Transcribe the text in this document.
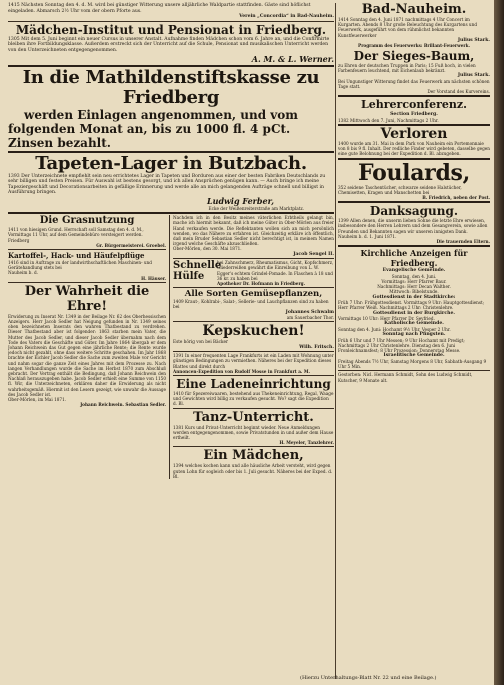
1415 Nächsten Sonntag den 4. d. M. wird bei günstiger Witterung unsere alljährliche Waldpartie stattfinden. Gäste sind höflichst eingeladen. Abmarsch 2½ Uhr vom der obern Pforte aus.

Verein „Concordia“ in Bad-Nauheim.

Mädchen-Institut und Pensionat in Friedberg.

1305 Mit dem 5. Juni beginnt ein neuer Cursus in unserer Anstalt. Aufnahme finden Mädchen schon vom 6. Jahre an, und die Confirmirte bleiben ihre Fortbildungsklasse. Außerdem erstreckt sich der Unterricht auf die Schule, Pensionat und musikalischen Unterricht werden von den Unterzeichneten entgegengenommen.

A. M. & L. Werner.

In die Mathildenstiftskasse zu Friedberg
werden Einlagen angenommen, und vom
folgenden Monat an, bis zu 1000 fl. 4 pCt.
Zinsen bezahlt.
Tapeten-Lager in Butzbach.

1393 Der Unterzeichnete empfiehlt sein neu errichtetes Lager in Tapeten und Borduren aus einer der besten Fabriken Deutschlands zu sehr billigen und festen Preisen. Für Auswahl ist bestens gesorgt, und ich allen Ansprüchen genügen kann. — Auch bringe ich meine Tapeziergeschäft und Decorationsarbeiten in gefällige Erinnerung und werde alle an mich gelangenden Aufträge schnell und billigst in Ausführung bringen.

Ludwig Ferber,

Ecke der Weißenreiterstraße am Marktplatz.

Die Grasnutzung

1411 von hiesigen Grund. Herrschaft soll Samstag den 4. d. M., Vormittags 11 Uhr, auf dem Gemeindebüro versteigert werden.

Friedberg

Gr. Bürgermeisterei. Groebel.

Kartoffel-, Hack- und Häufelpflüge

1416 sind in Auftrage zu der landwirthschaftlichen Maschinen- und Gerätehandlung stets bei

Nauheim b. d.

H. Häuser.

Der Wahrheit die Ehre!

Erwiderung zu Inserat Nr. 1349 in der Beilage Nr. 62 des Oberhessischen Anzeigers. Herr Jacob Sedler hat Neigung gefunden in Nr. 1349 seines oben bezeichneten Inserats den wahren Thatbestand zu verdrehen. Dieser Thatbestand aber ist folgender: 1863 starben mein Vater, die Mutter des Jacob Sedler, und dieser Jacob Sedler übernahm nach dem Tode des Vaters die Geschäfte und Güter. Im Jahre 1864 übergab er dem Johann Reichwein das Gut gegen eine jährliche Rente; die Rente wurde jedoch nicht gezahlt, ohne dass weitere Schritte geschahen. Im Jahr 1868 brachte der Eichler Jacob Sedler die Sache zum zweiten Male vor Gericht und nahm sogar die ganze Zeit eines Jahres mit dem Prozesse zu. Nach langen Verhandlungen wurde die Sache im Herbst 1870 zum Abschluß gebracht. Der Vertrag enthält die Bedingung, daß Johann Reichwein den Nachlaß herauszugeben habe. Jacob Sedler erhielt eine Summe von 1150 fl. Wir, die Unterzeichneten, erklären daher die Erwiderung als nicht wahrheitsgemäß. Hiermit ist den Lesern gezeigt, wie unwahr die Aussage des Jacob Sedler ist.

Ober-Mörlen, im Mai 1871.

Johann Reichwein. Sebastian Sedler.

Nachdem ich in den Besitz meines väterlichen Erbtheils gelangt bin, mache ich hiermit bekannt, daß ich meine Güter in Ober-Mörlen aus freier Hand verkaufen werde. Die Reflektanten wollen sich an mich persönlich wenden, wo das Nähere zu erfahren ist. Gleichzeitig erkläre ich öffentlich, daß mein Bruder Sebastian Sedler nicht berechtigt ist, in meinem Namen irgend welche Geschäfte abzuschließen.

Ober-Mörlen, den 30. Mai 1871.

Jacob Sengel II.

Schnelle Hülfe

bei Zahnschmerz, Rheumatismus, Gicht, Kopfschmerz, Gliederreißen gewährt die Einreibung von L. W. Egger's echtem Grindel-Pomade. In Flaschen à 18 und 36 kr. zu haben bei

Apotheker Dr. Hofmann in Friedberg.

Alle Sorten Gemüsepflanzen,

1409 Kraut-, Kohlrabi-, Salat-, Sellerie- und Lauchpflanzen sind zu haben bei

Johannes Schwalm

am Sauerbacher Thor.

Kepskuchen!

Este hörig von bei Bäcker

Wilh. Fritsch.

1391 In einer frequenten Lage Frankfurts ist ein Laden mit Wohnung unter günstigen Bedingungen zu vermiethen. Näheres bei der Expedition dieses Blattes und direkt durch

Annoncen-Expedition von Rudolf Mosse in Frankfurt a. M.

Eine Ladeneinrichtung

1410 für Spezereiwaaren, bestehend aus Thekeneinrichtung, Regal, Waage und Gewichten wird billig zu verkaufen gesucht. Wo? sagt die Expedition d. Bl.

Tanz-Unterricht.

1381 Kurs und Privat-Unterricht beginnt wieder. Neue Anmeldungen werden entgegengenommen, sowie Privatstunden in und außer dem Hause ertheilt.

H. Meyeler, Tanzlehrer.

Ein Mädchen,

1394 welches kochen kann und alle häusliche Arbeit versteht, wird gegen guten Lohn für sogleich oder bis 1. Juli gesucht. Näheres bei der Exped. d. Bl.

Bad-Nauheim.

1414 Sonntag den 4. Juni 1871 nachmittags 4 Uhr Concert im Kurgarten. Abends 8 Uhr große Beleuchtung des Kurgartens und Feuerwerk, ausgeführt von dem rühmlichst bekannten Kunstfeuerwerker

Julius Stark.

Programm des Feuerwerks: Brillant-Feuerwerk.

Der Sieges-Baum,

zu Ehren der deutschen Truppen in Paris; 15 Fuß hoch, in vielen Farbenfeuern leuchtend, mit Eichenlaub bekränzt.

Julius Stark.

Bei Ungunstiger Witterung findet das Feuerwerk am nächsten schönen Tage statt.

Der Vorstand des Kurvereins.

Lehrerconferenz.

Section Friedberg.

1382 Mittwoch den 7. Juni, Nachmittags 2 Uhr.

Verloren

1400 wurde am 31. Mai in dem Park von Nauheim ein Portemonnaie von 8 bis 9 fl. Inhalt. Der redliche Finder wird gebeten, dasselbe gegen eine gute Belohnung bei der Expedition d. Bl. abzugeben.

Foulards,

352 seidene Taschentücher, schwarze seidene Halstücher, Chemisetten, Kragen und Manschetten bei

B. Friedrich, neben der Post.

Danksagung.

1399 Allen denen, die unserm lieben Sohne die letzte Ehre erwiesen, insbesondere den Herren Lehrern und dem Gesangverein, sowie allen Freunden und Bekannten sagen wir unseren innigsten Dank.

Nauheim b. d. 1. Juni 1871.

Die trauernden Eltern.

Kirchliche Anzeigen für Friedberg.

Evangelische Gemeinde.

Sonntag, den 4. Juni.

Vormittags: Herr Pfarrer Baur.

Nachmittags: Herr Decan Walther.

Mittwoch: Bibelstunde.

Gottesdienst in der Stadtkirche:

Früh 7 Uhr: Frühgottesdienst. Vormittags 9 Uhr: Hauptgottesdienst; Herr Pfarrer Weiß. Nachmittags 2 Uhr: Christenlehre.

Gottesdienst in der Burgkirche.

Vormittags 10 Uhr: Herr Pfarrer Dr. Seyfried.

Katholische Gemeinde.

Sonntag den 4. Juni: Hochamt 9½ Uhr, Vesper 2 Uhr.

Sonntag nach Pfingsten.

Früh 6 Uhr und 7 Uhr Messen; 9 Uhr Hochamt mit Predigt; Nachmittags 2 Uhr Christenlehre. Dienstag den 6. Juni Fronleichnamsfest; 8 Uhr Prozession; Donnerstag Messe.

Israelitische Gemeinde.

Freitag Abends 7½ Uhr, Samstag Morgens 8 Uhr, Sabbath-Ausgang 9 Uhr 5 Min.

Gestorben: Nicl. Hermann Schmidt, Sohn des Ludwig Schmidt, Kutscher, 9 Monate alt.

(Hierzu Unterhaltungs-Blatt Nr. 22 und eine Beilage.)
